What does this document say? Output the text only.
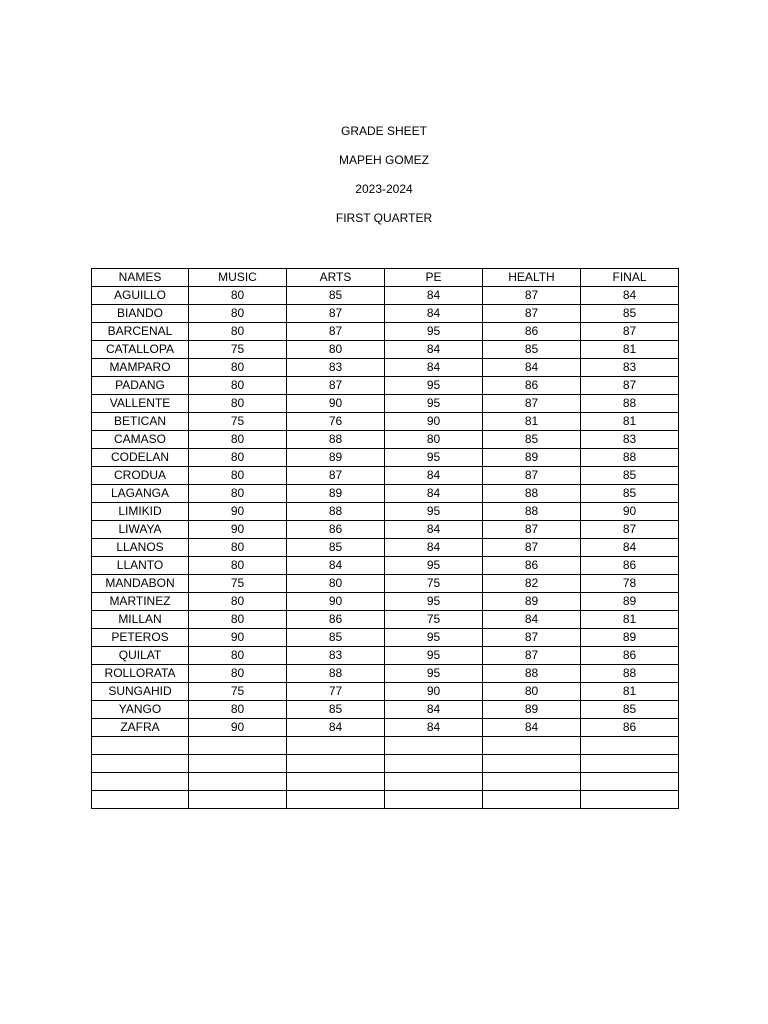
GRADE SHEET
MAPEH GOMEZ
2023-2024
FIRST QUARTER
NAMES	MUSIC	ARTS	PE	HEALTH	FINAL
AGUILLO	80	85	84	87	84
BIANDO	80	87	84	87	85
BARCENAL	80	87	95	86	87
CATALLOPA	75	80	84	85	81
MAMPARO	80	83	84	84	83
PADANG	80	87	95	86	87
VALLENTE	80	90	95	87	88
BETICAN	75	76	90	81	81
CAMASO	80	88	80	85	83
CODELAN	80	89	95	89	88
CRODUA	80	87	84	87	85
LAGANGA	80	89	84	88	85
LIMIKID	90	88	95	88	90
LIWAYA	90	86	84	87	87
LLANOS	80	85	84	87	84
LLANTO	80	84	95	86	86
MANDABON	75	80	75	82	78
MARTINEZ	80	90	95	89	89
MILLAN	80	86	75	84	81
PETEROS	90	85	95	87	89
QUILAT	80	83	95	87	86
ROLLORATA	80	88	95	88	88
SUNGAHID	75	77	90	80	81
YANGO	80	85	84	89	85
ZAFRA	90	84	84	84	86
